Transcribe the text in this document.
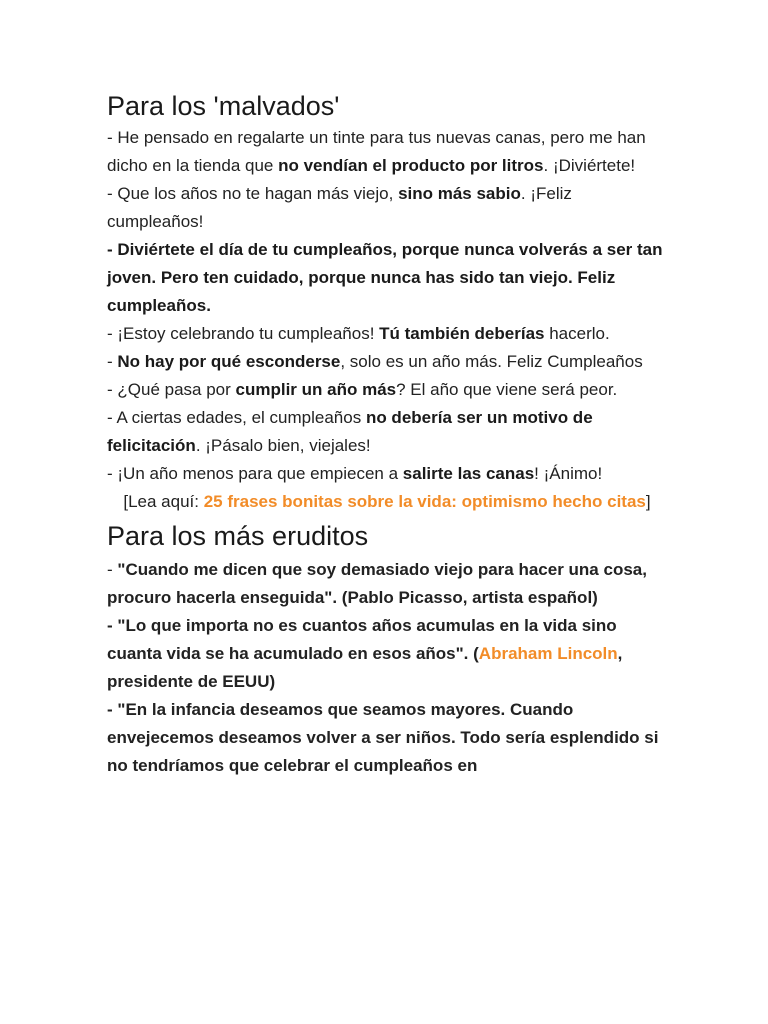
Para los 'malvados'

- He pensado en regalarte un tinte para tus nuevas canas, pero me han dicho en la tienda que no vendían el producto por litros. ¡Diviértete!

- Que los años no te hagan más viejo, sino más sabio. ¡Feliz cumpleaños!

- Diviértete el día de tu cumpleaños, porque nunca volverás a ser tan joven. Pero ten cuidado, porque nunca has sido tan viejo. Feliz cumpleaños.

- ¡Estoy celebrando tu cumpleaños! Tú también deberías hacerlo.

- No hay por qué esconderse, solo es un año más. Feliz Cumpleaños

- ¿Qué pasa por cumplir un año más? El año que viene será peor.

- A ciertas edades, el cumpleaños no debería ser un motivo de felicitación. ¡Pásalo bien, viejales!

- ¡Un año menos para que empiecen a salirte las canas! ¡Ánimo!

[Lea aquí: 25 frases bonitas sobre la vida: optimismo hecho citas]

Para los más eruditos

- "Cuando me dicen que soy demasiado viejo para hacer una cosa, procuro hacerla enseguida". (Pablo Picasso, artista español)

- "Lo que importa no es cuantos años acumulas en la vida sino cuanta vida se ha acumulado en esos años". (Abraham Lincoln, presidente de EEUU)

- "En la infancia deseamos que seamos mayores. Cuando envejecemos deseamos volver a ser niños. Todo sería esplendido si no tendríamos que celebrar el cumpleaños en
